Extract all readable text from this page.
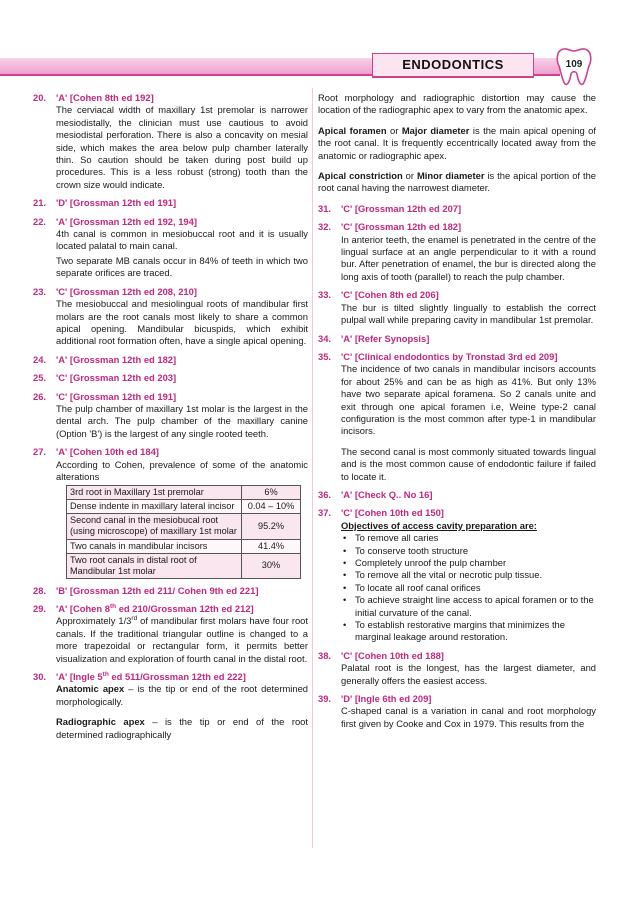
ENDODONTICS	109
20. 'A' [Cohen 8th ed 192]

The cerviacal width of maxillary 1st premolar is narrower mesiodistally, the clinician must use cautious to avoid mesiodistal perforation. There is also a concavity on mesial side, which makes the area below pulp chamber laterally thin. So caution should be taken during post build up procedures. This is a less robust (strong) tooth than the crown size would indicate.

21. 'D' [Grossman 12th ed 191]
22. 'A' [Grossman 12th ed 192, 194]

4th canal is common in mesiobuccal root and it is usually located palatal to main canal.

Two separate MB canals occur in 84% of teeth in which two separate orifices are traced.

23. 'C' [Grossman 12th ed 208, 210]

The mesiobuccal and mesiolingual roots of mandibular first molars are the root canals most likely to share a common apical opening. Mandibular bicuspids, which exhibit additional root formation often, have a single apical opening.

24. 'A' [Grossman 12th ed 182]
25. 'C' [Grossman 12th ed 203]
26. 'C' [Grossman 12th ed 191]

The pulp chamber of maxillary 1st molar is the largest in the dental arch. The pulp chamber of the maxillary canine (Option 'B') is the largest of any single rooted teeth.

27. 'A' [Cohen 10th ed 184]

According to Cohen, prevalence of some of the anatomic alterations

3rd root in Maxillary 1st premolar	6%
Dense indente in maxillary lateral incisor	0.04 – 10%
Second canal in the mesiobucal root (using microscope) of maxillary 1st molar	95.2%
Two canals in mandibular incisors	41.4%
Two root canals in distal root of Mandibular 1st molar	30%
28. 'B' [Grossman 12th ed 211/ Cohen 9th ed 221]
29. 'A' [Cohen 8th ed 210/Grossman 12th ed 212]

Approximately 1/3rd of mandibular first molars have four root canals. If the traditional triangular outline is changed to a more trapezoidal or rectangular form, it permits better visualization and exploration of fourth canal in the distal root.

30. 'A' [Ingle 5th ed 511/Grossman 12th ed 222]

Anatomic apex – is the tip or end of the root determined morphologically.

Radiographic apex – is the tip or end of the root determined radiographically

Root morphology and radiographic distortion may cause the location of the radiographic apex to vary from the anatomic apex.

Apical foramen or Major diameter is the main apical opening of the root canal. It is frequently eccentrically located away from the anatomic or radiographic apex.

Apical constriction or Minor diameter is the apical portion of the root canal having the narrowest diameter.

31. 'C' [Grossman 12th ed 207]
32. 'C' [Grossman 12th ed 182]

In anterior teeth, the enamel is penetrated in the centre of the lingual surface at an angle perpendicular to it with a round bur. After penetration of enamel, the bur is directed along the long axis of tooth (parallel) to reach the pulp chamber.

33. 'C' [Cohen 8th ed 206]

The bur is tilted slightly lingually to establish the correct pulpal wall while preparing cavity in mandibular 1st premolar.

34. 'A' [Refer Synopsis]
35. 'C' [Clinical endodontics by Tronstad 3rd ed 209]

The incidence of two canals in mandibular incisors accounts for about 25% and can be as high as 41%. But only 13% have two separate apical foramena. So 2 canals unite and exit through one apical foramen i.e, Weine type-2 canal configuration is the most common after type-1 in mandibular incisors.

The second canal is most commonly situated towards lingual and is the most common cause of endodontic failure if failed to locate it.

36. 'A' [Check Q.. No 16]
37. 'C' [Cohen 10th ed 150]
Objectives of access cavity preparation are:
• To remove all caries
• To conserve tooth structure
• Completely unroof the pulp chamber
• To remove all the vital or necrotic pulp tissue.
• To locate all roof canal orifices
• To achieve straight line access to apical foramen or to the initial curvature of the canal.
• To establish restorative margins that minimizes the marginal leakage around restoration.
38. 'C' [Cohen 10th ed 188]

Palatal root is the longest, has the largest diameter, and generally offers the easiest access.

39. 'D' [Ingle 6th ed 209]

C-shaped canal is a variation in canal and root morphology first given by Cooke and Cox in 1979. This results from the
